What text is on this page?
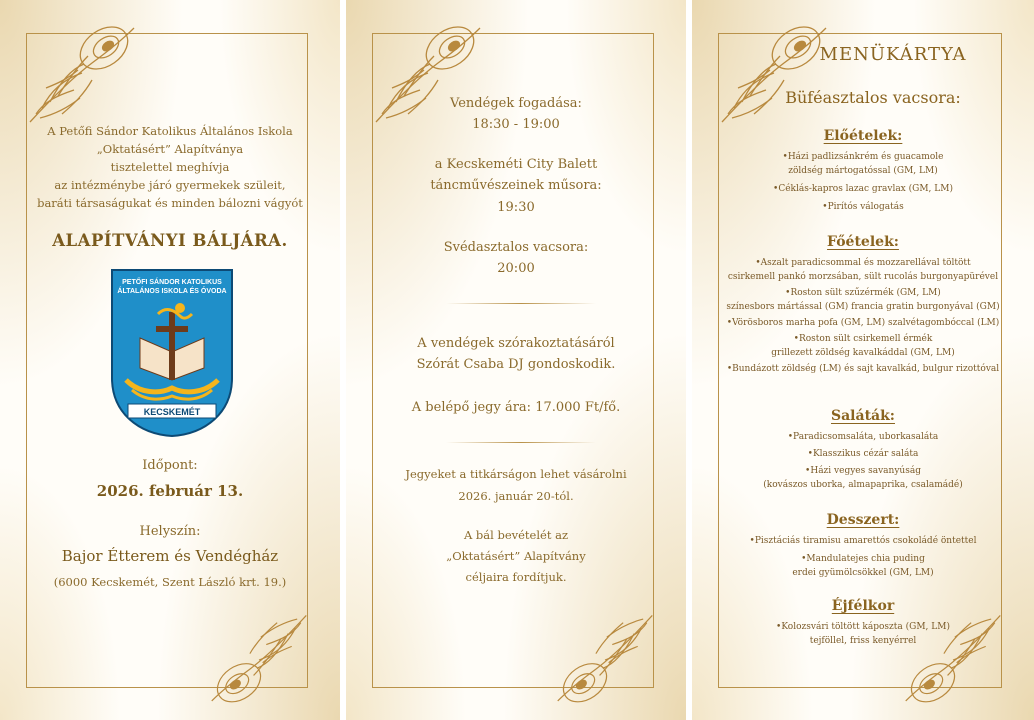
A Petőfi Sándor Katolikus Általános Iskola
„Oktatásért” Alapítványa
tisztelettel meghívja
az intézménybe járó gyermekek szüleit,
baráti társaságukat és minden bálozni vágyót
ALAPÍTVÁNYI BÁLJÁRA.
PETŐFI SÁNDOR KATOLIKUS
ÁLTALÁNOS ISKOLA ÉS ÓVODA
KECSKEMÉT
Időpont:
2026. február 13.
Helyszín:
Bajor Étterem és Vendégház
(6000 Kecskemét, Szent László krt. 19.)
Vendégek fogadása:
18:30 - 19:00
a Kecskeméti City Balett
táncművészeinek műsora:
19:30
Svédasztalos vacsora:
20:00
A vendégek szórakoztatásáról
Szórát Csaba DJ gondoskodik.
A belépő jegy ára: 17.000 Ft/fő.
Jegyeket a titkárságon lehet vásárolni
2026. január 20-tól.
A bál bevételét az
„Oktatásért” Alapítvány
céljaira fordítjuk.
MENÜKÁRTYA
Büféasztalos vacsora:
Előételek:
•Házi padlizsánkrém és guacamole
zöldség mártogatóssal (GM, LM)
•Céklás-kapros lazac gravlax (GM, LM)
•Pirítós válogatás
Főételek:
•Aszalt paradicsommal és mozzarellával töltött
csirkemell pankó morzsában, sült rucolás burgonyapürével
•Roston sült szűzérmék (GM, LM)
színesbors mártással (GM) francia gratin burgonyával (GM)
•Vörösboros marha pofa (GM, LM) szalvétagombóccal (LM)
•Roston sült csirkemell érmék
grillezett zöldség kavalkáddal (GM, LM)
•Bundázott zöldség (LM) és sajt kavalkád, bulgur rizottóval
Saláták:
•Paradicsomsaláta, uborkasaláta
•Klasszikus cézár saláta
•Házi vegyes savanyúság
(kovászos uborka, almapaprika, csalamádé)
Desszert:
•Pisztáciás tiramisu amarettós csokoládé öntettel
•Mandulatejes chia puding
erdei gyümölcsökkel (GM, LM)
Éjfélkor
•Kolozsvári töltött káposzta (GM, LM)
tejföllel, friss kenyérrel
